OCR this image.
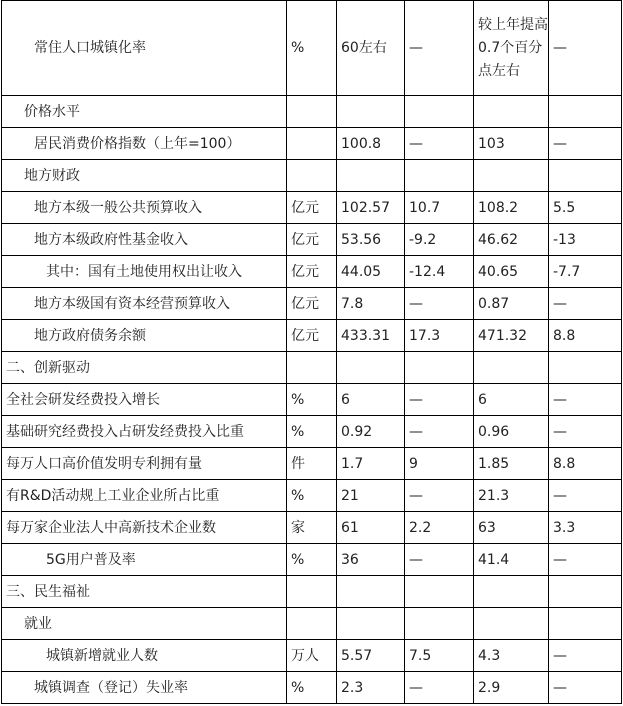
常住人口城镇化率	%	60左右	—	较上年提高0.7个百分点左右	—
价格水平					
居民消费价格指数（上年=100）		100.8	—	103	—
地方财政					
地方本级一般公共预算收入	亿元	102.57	10.7	108.2	5.5
地方本级政府性基金收入	亿元	53.56	-9.2	46.62	-13
其中：国有土地使用权出让收入	亿元	44.05	-12.4	40.65	-7.7
地方本级国有资本经营预算收入	亿元	7.8	—	0.87	—
地方政府债务余额	亿元	433.31	17.3	471.32	8.8
二、创新驱动					
全社会研发经费投入增长	%	6	—	6	—
基础研究经费投入占研发经费投入比重	%	0.92	—	0.96	—
每万人口高价值发明专利拥有量	件	1.7	9	1.85	8.8
有R&D活动规上工业企业所占比重	%	21	—	21.3	—
每万家企业法人中高新技术企业数	家	61	2.2	63	3.3
5G用户普及率	%	36	—	41.4	—
三、民生福祉					
就业					
城镇新增就业人数	万人	5.57	7.5	4.3	—
城镇调查（登记）失业率	%	2.3	—	2.9	—
